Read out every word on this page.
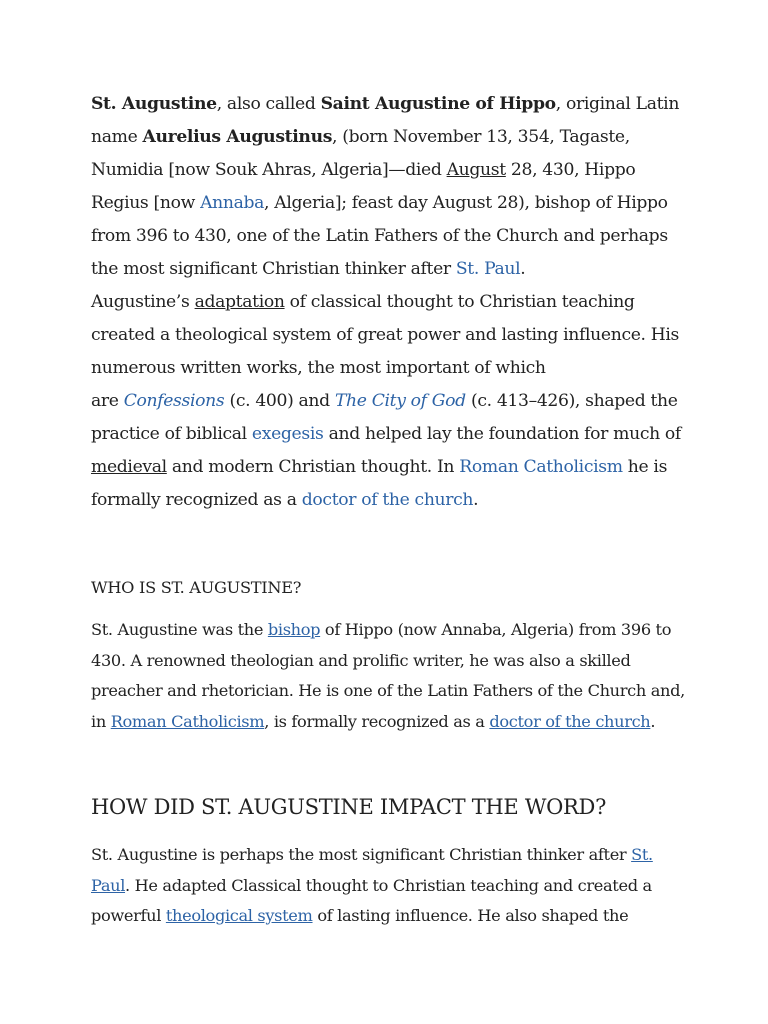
St. Augustine, also called Saint Augustine of Hippo, original Latin name Aurelius Augustinus, (born November 13, 354, Tagaste, Numidia [now Souk Ahras, Algeria]—died August 28, 430, Hippo Regius [now Annaba, Algeria]; feast day August 28), bishop of Hippo from 396 to 430, one of the Latin Fathers of the Church and perhaps the most significant Christian thinker after St. Paul.
Augustine’s adaptation of classical thought to Christian teaching created a theological system of great power and lasting influence. His numerous written works, the most important of which
are Confessions (c. 400) and The City of God (c. 413–426), shaped the practice of biblical exegesis and helped lay the foundation for much of medieval and modern Christian thought. In Roman Catholicism he is formally recognized as a doctor of the church.
WHO IS ST. AUGUSTINE?
St. Augustine was the bishop of Hippo (now Annaba, Algeria) from 396 to 430. A renowned theologian and prolific writer, he was also a skilled preacher and rhetorician. He is one of the Latin Fathers of the Church and, in Roman Catholicism, is formally recognized as a doctor of the church.
HOW DID ST. AUGUSTINE IMPACT THE WORD?
St. Augustine is perhaps the most significant Christian thinker after St. Paul. He adapted Classical thought to Christian teaching and created a powerful theological system of lasting influence. He also shaped the
